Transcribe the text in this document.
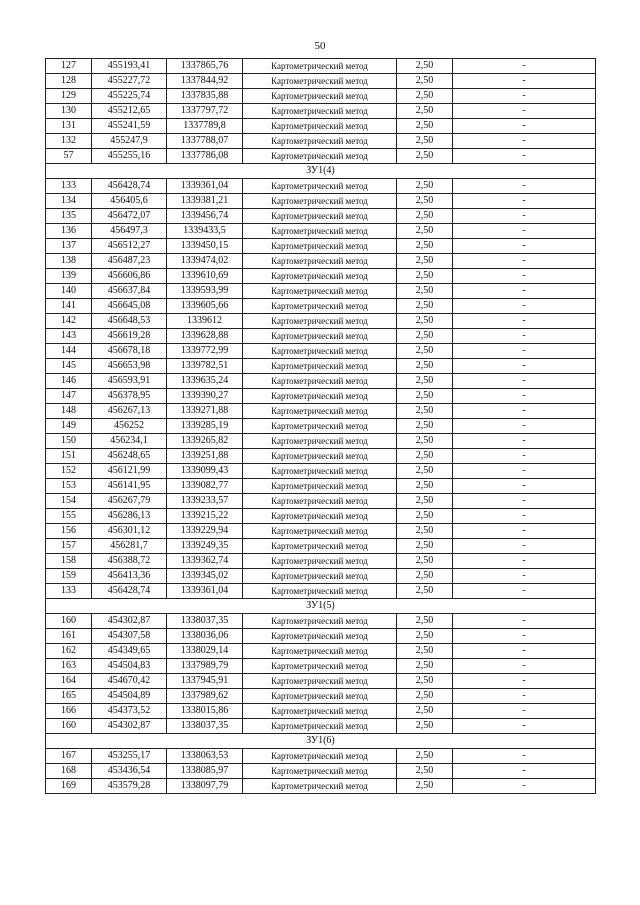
50
127	455193,41	1337865,76	Картометрический метод	2,50	-
128	455227,72	1337844,92	Картометрический метод	2,50	-
129	455225,74	1337835,88	Картометрический метод	2,50	-
130	455212,65	1337797,72	Картометрический метод	2,50	-
131	455241,59	1337789,8	Картометрический метод	2,50	-
132	455247,9	1337788,07	Картометрический метод	2,50	-
57	455255,16	1337786,08	Картометрический метод	2,50	-
ЗУ1(4)					
133	456428,74	1339361,04	Картометрический метод	2,50	-
134	456405,6	1339381,21	Картометрический метод	2,50	-
135	456472,07	1339456,74	Картометрический метод	2,50	-
136	456497,3	1339433,5	Картометрический метод	2,50	-
137	456512,27	1339450,15	Картометрический метод	2,50	-
138	456487,23	1339474,02	Картометрический метод	2,50	-
139	456606,86	1339610,69	Картометрический метод	2,50	-
140	456637,84	1339593,99	Картометрический метод	2,50	-
141	456645,08	1339605,66	Картометрический метод	2,50	-
142	456648,53	1339612	Картометрический метод	2,50	-
143	456619,28	1339628,88	Картометрический метод	2,50	-
144	456678,18	1339772,99	Картометрический метод	2,50	-
145	456653,98	1339782,51	Картометрический метод	2,50	-
146	456593,91	1339635,24	Картометрический метод	2,50	-
147	456378,95	1339390,27	Картометрический метод	2,50	-
148	456267,13	1339271,88	Картометрический метод	2,50	-
149	456252	1339285,19	Картометрический метод	2,50	-
150	456234,1	1339265,82	Картометрический метод	2,50	-
151	456248,65	1339251,88	Картометрический метод	2,50	-
152	456121,99	1339099,43	Картометрический метод	2,50	-
153	456141,95	1339082,77	Картометрический метод	2,50	-
154	456267,79	1339233,57	Картометрический метод	2,50	-
155	456286,13	1339215,22	Картометрический метод	2,50	-
156	456301,12	1339229,94	Картометрический метод	2,50	-
157	456281,7	1339249,35	Картометрический метод	2,50	-
158	456388,72	1339362,74	Картометрический метод	2,50	-
159	456413,36	1339345,02	Картометрический метод	2,50	-
133	456428,74	1339361,04	Картометрический метод	2,50	-
ЗУ1(5)					
160	454302,87	1338037,35	Картометрический метод	2,50	-
161	454307,58	1338036,06	Картометрический метод	2,50	-
162	454349,65	1338029,14	Картометрический метод	2,50	-
163	454504,83	1337989,79	Картометрический метод	2,50	-
164	454670,42	1337945,91	Картометрический метод	2,50	-
165	454504,89	1337989,62	Картометрический метод	2,50	-
166	454373,52	1338015,86	Картометрический метод	2,50	-
160	454302,87	1338037,35	Картометрический метод	2,50	-
ЗУ1(6)					
167	453255,17	1338063,53	Картометрический метод	2,50	-
168	453436,54	1338085,97	Картометрический метод	2,50	-
169	453579,28	1338097,79	Картометрический метод	2,50	-
